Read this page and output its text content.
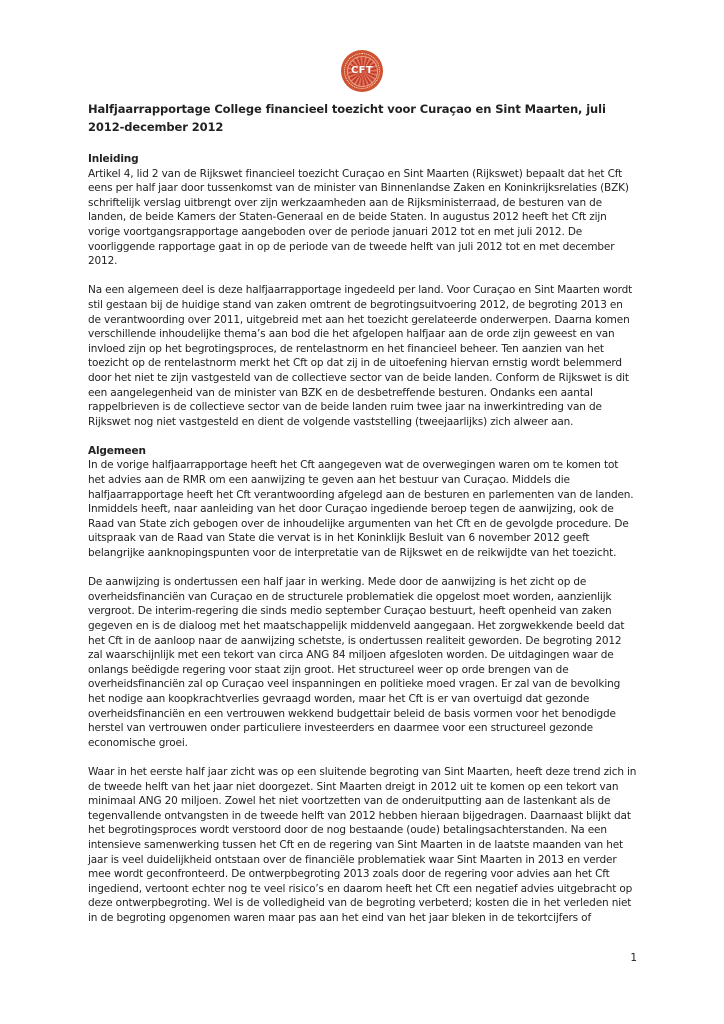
CFT
Halfjaarrapportage College financieel toezicht voor Curaçao en Sint Maarten, juli 2012-december 2012
Inleiding

Artikel 4, lid 2 van de Rijkswet financieel toezicht Curaçao en Sint Maarten (Rijkswet) bepaalt dat het Cft eens per half jaar door tussenkomst van de minister van Binnenlandse Zaken en Koninkrijksrelaties (BZK) schriftelijk verslag uitbrengt over zijn werkzaamheden aan de Rijksministerraad, de besturen van de landen, de beide Kamers der Staten-Generaal en de beide Staten. In augustus 2012 heeft het Cft zijn vorige voortgangsrapportage aangeboden over de periode januari 2012 tot en met juli 2012. De voorliggende rapportage gaat in op de periode van de tweede helft van juli 2012 tot en met december 2012.

Na een algemeen deel is deze halfjaarrapportage ingedeeld per land. Voor Curaçao en Sint Maarten wordt stil gestaan bij de huidige stand van zaken omtrent de begrotingsuitvoering 2012, de begroting 2013 en de verantwoording over 2011, uitgebreid met aan het toezicht gerelateerde onderwerpen. Daarna komen verschillende inhoudelijke thema’s aan bod die het afgelopen halfjaar aan de orde zijn geweest en van invloed zijn op het begrotingsproces, de rentelastnorm en het financieel beheer. Ten aanzien van het toezicht op de rentelastnorm merkt het Cft op dat zij in de uitoefening hiervan ernstig wordt belemmerd door het niet te zijn vastgesteld van de collectieve sector van de beide landen. Conform de Rijkswet is dit een aangelegenheid van de minister van BZK en de desbetreffende besturen. Ondanks een aantal rappelbrieven is de collectieve sector van de beide landen ruim twee jaar na inwerkintreding van de Rijkswet nog niet vastgesteld en dient de volgende vaststelling (tweejaarlijks) zich alweer aan.

Algemeen

In de vorige halfjaarrapportage heeft het Cft aangegeven wat de overwegingen waren om te komen tot het advies aan de RMR om een aanwijzing te geven aan het bestuur van Curaçao. Middels die halfjaarrapportage heeft het Cft verantwoording afgelegd aan de besturen en parlementen van de landen. Inmiddels heeft, naar aanleiding van het door Curaçao ingediende beroep tegen de aanwijzing, ook de Raad van State zich gebogen over de inhoudelijke argumenten van het Cft en de gevolgde procedure. De uitspraak van de Raad van State die vervat is in het Koninklijk Besluit van 6 november 2012 geeft belangrijke aanknopingspunten voor de interpretatie van de Rijkswet en de reikwijdte van het toezicht.

De aanwijzing is ondertussen een half jaar in werking. Mede door de aanwijzing is het zicht op de overheidsfinanciën van Curaçao en de structurele problematiek die opgelost moet worden, aanzienlijk vergroot. De interim-regering die sinds medio september Curaçao bestuurt, heeft openheid van zaken gegeven en is de dialoog met het maatschappelijk middenveld aangegaan. Het zorgwekkende beeld dat het Cft in de aanloop naar de aanwijzing schetste, is ondertussen realiteit geworden. De begroting 2012 zal waarschijnlijk met een tekort van circa ANG 84 miljoen afgesloten worden. De uitdagingen waar de onlangs beëdigde regering voor staat zijn groot. Het structureel weer op orde brengen van de overheidsfinanciën zal op Curaçao veel inspanningen en politieke moed vragen. Er zal van de bevolking het nodige aan koopkrachtverlies gevraagd worden, maar het Cft is er van overtuigd dat gezonde overheidsfinanciën en een vertrouwen wekkend budgettair beleid de basis vormen voor het benodigde herstel van vertrouwen onder particuliere investeerders en daarmee voor een structureel gezonde economische groei.

Waar in het eerste half jaar zicht was op een sluitende begroting van Sint Maarten, heeft deze trend zich in de tweede helft van het jaar niet doorgezet. Sint Maarten dreigt in 2012 uit te komen op een tekort van minimaal ANG 20 miljoen. Zowel het niet voortzetten van de onderuitputting aan de lastenkant als de tegenvallende ontvangsten in de tweede helft van 2012 hebben hieraan bijgedragen. Daarnaast blijkt dat het begrotingsproces wordt verstoord door de nog bestaande (oude) betalingsachterstanden. Na een intensieve samenwerking tussen het Cft en de regering van Sint Maarten in de laatste maanden van het jaar is veel duidelijkheid ontstaan over de financiële problematiek waar Sint Maarten in 2013 en verder mee wordt geconfronteerd. De ontwerpbegroting 2013 zoals door de regering voor advies aan het Cft ingediend, vertoont echter nog te veel risico’s en daarom heeft het Cft een negatief advies uitgebracht op deze ontwerpbegroting. Wel is de volledigheid van de begroting verbeterd; kosten die in het verleden niet in de begroting opgenomen waren maar pas aan het eind van het jaar bleken in de tekortcijfers of

1
